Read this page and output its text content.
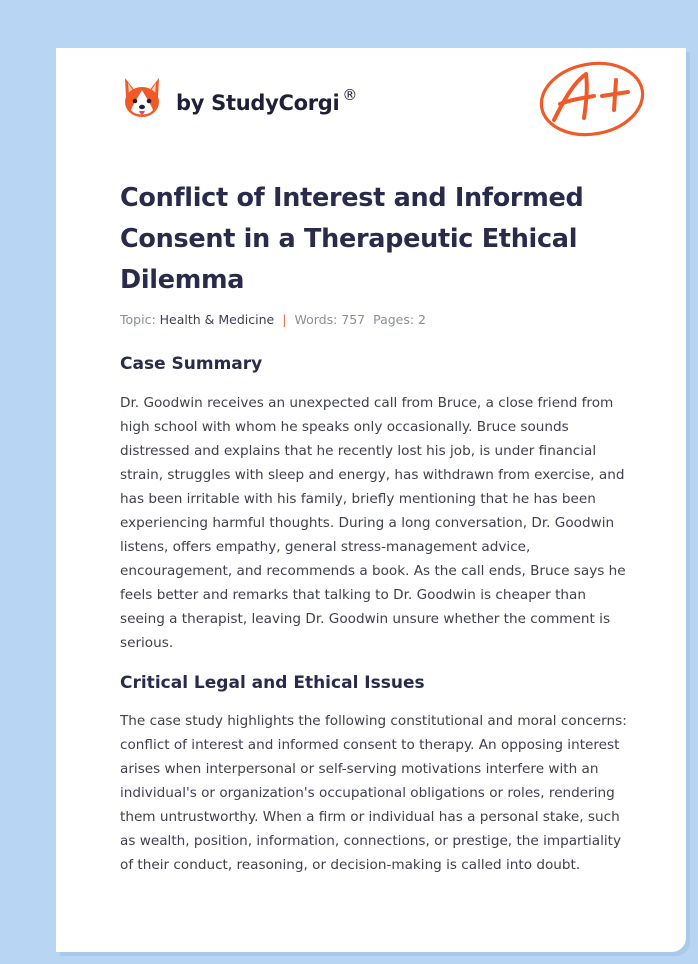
by StudyCorgi ®
Conflict of Interest and Informed Consent in a Therapeutic Ethical Dilemma
Topic: Health & Medicine | Words: 757 Pages: 2
Case Summary

Dr. Goodwin receives an unexpected call from Bruce, a close friend from high school with whom he speaks only occasionally. Bruce sounds distressed and explains that he recently lost his job, is under financial strain, struggles with sleep and energy, has withdrawn from exercise, and has been irritable with his family, briefly mentioning that he has been experiencing harmful thoughts. During a long conversation, Dr. Goodwin listens, offers empathy, general stress-management advice, encouragement, and recommends a book. As the call ends, Bruce says he feels better and remarks that talking to Dr. Goodwin is cheaper than seeing a therapist, leaving Dr. Goodwin unsure whether the comment is serious.

Critical Legal and Ethical Issues

The case study highlights the following constitutional and moral concerns: conflict of interest and informed consent to therapy. An opposing interest arises when interpersonal or self-serving motivations interfere with an individual's or organization's occupational obligations or roles, rendering them untrustworthy. When a firm or individual has a personal stake, such as wealth, position, information, connections, or prestige, the impartiality of their conduct, reasoning, or decision-making is called into doubt.
